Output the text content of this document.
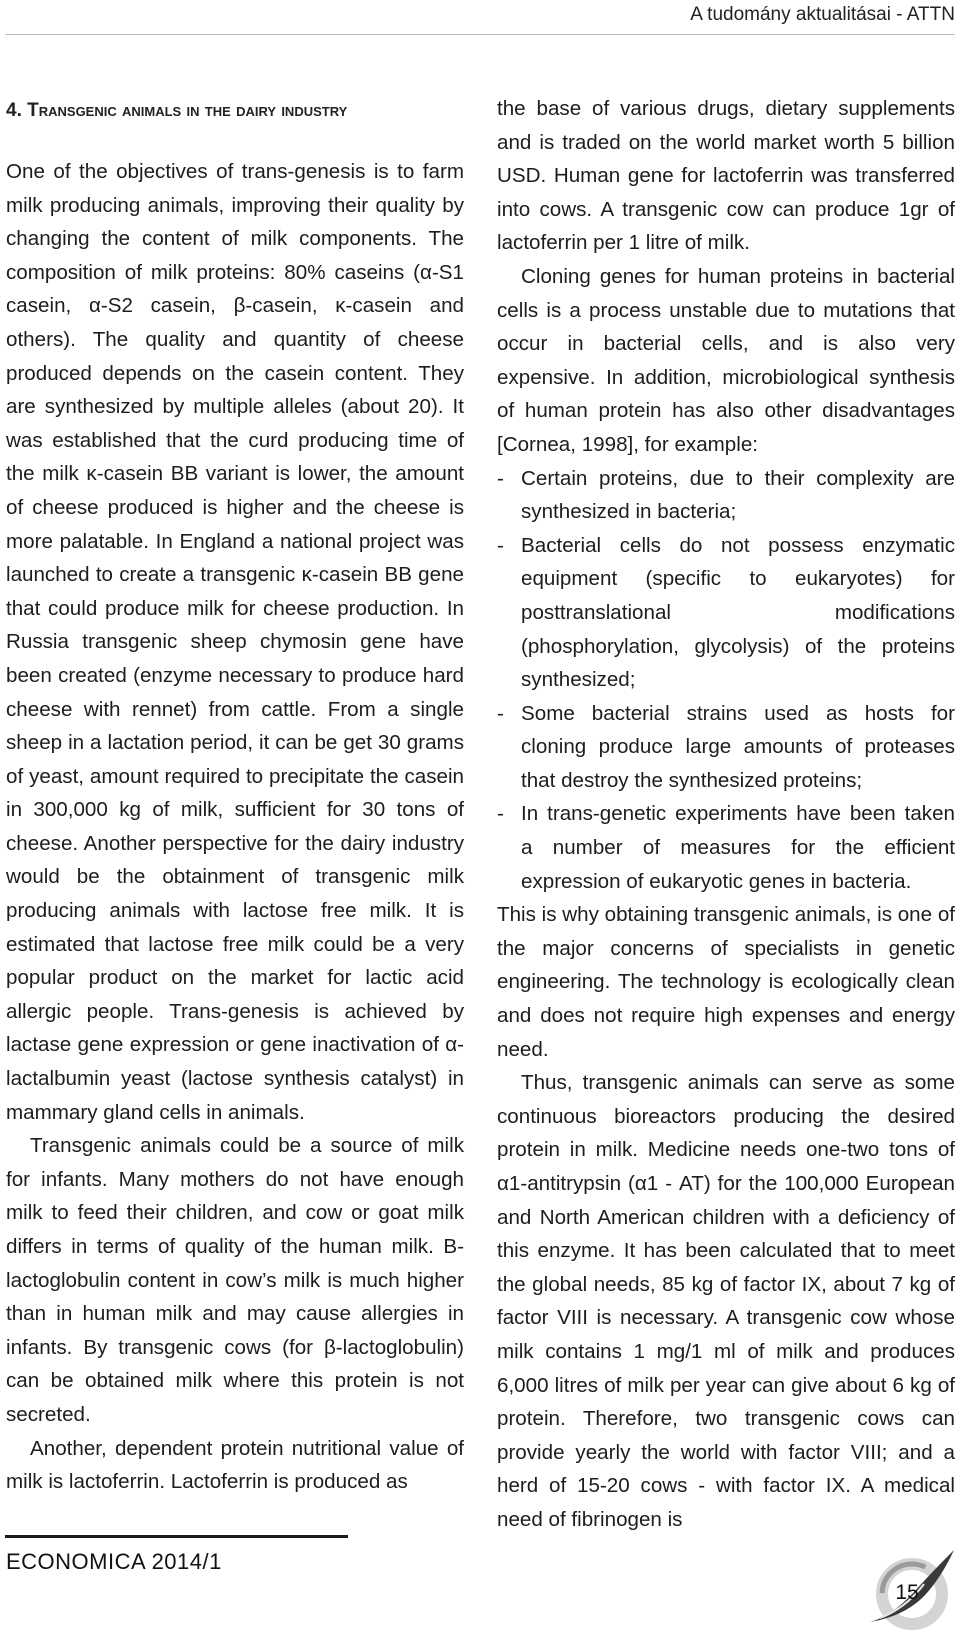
A tudomány aktualitásai - ATTN
4. Transgenic animals in the dairy industry

One of the objectives of trans-genesis is to farm milk producing animals, improving their quality by changing the content of milk components. The composition of milk proteins: 80% caseins (α-S1 casein, α-S2 casein, β-casein, κ-casein and others). The quality and quantity of cheese produced depends on the casein content. They are synthesized by multiple alleles (about 20). It was established that the curd producing time of the milk κ-casein BB variant is lower, the amount of cheese produced is higher and the cheese is more palatable. In England a national project was launched to create a transgenic κ-casein BB gene that could produce milk for cheese production. In Russia transgenic sheep chymosin gene have been created (enzyme necessary to produce hard cheese with rennet) from cattle. From a single sheep in a lactation period, it can be get 30 grams of yeast, amount required to precipitate the casein in 300,000 kg of milk, sufficient for 30 tons of cheese. Another perspective for the dairy industry would be the obtainment of transgenic milk producing animals with lactose free milk. It is estimated that lactose free milk could be a very popular product on the market for lactic acid allergic people. Trans-genesis is achieved by lactase gene expression or gene inactivation of α-lactalbumin yeast (lactose synthesis catalyst) in mammary gland cells in animals.

Transgenic animals could be a source of milk for infants. Many mothers do not have enough milk to feed their children, and cow or goat milk differs in terms of quality of the human milk. Β-lactoglobulin content in cow’s milk is much higher than in human milk and may cause allergies in infants. By transgenic cows (for β-lactoglobulin) can be obtained milk where this protein is not secreted.

Another, dependent protein nutritional value of milk is lactoferrin. Lactoferrin is produced as

the base of various drugs, dietary supplements and is traded on the world market worth 5 billion USD. Human gene for lactoferrin was transferred into cows. A transgenic cow can produce 1gr of lactoferrin per 1 litre of milk.

Cloning genes for human proteins in bacterial cells is a process unstable due to mutations that occur in bacterial cells, and is also very expensive. In addition, microbiological synthesis of human protein has also other disadvantages [Cornea, 1998], for example:

- Certain proteins, due to their complexity are synthesized in bacteria;
- Bacterial cells do not possess enzymatic equipment (specific to eukaryotes) for posttranslational modifications (phosphorylation, glycolysis) of the proteins synthesized;
- Some bacterial strains used as hosts for cloning produce large amounts of proteases that destroy the synthesized proteins;
- In trans-genetic experiments have been taken a number of measures for the efficient expression of eukaryotic genes in bacteria.

This is why obtaining transgenic animals, is one of the major concerns of specialists in genetic engineering. The technology is ecologically clean and does not require high expenses and energy need.

Thus, transgenic animals can serve as some continuous bioreactors producing the desired protein in milk. Medicine needs one-two tons of α1-antitrypsin (α1 - AT) for the 100,000 European and North American children with a deficiency of this enzyme. It has been calculated that to meet the global needs, 85 kg of factor IX, about 7 kg of factor VIII is necessary. A transgenic cow whose milk contains 1 mg/1 ml of milk and produces 6,000 litres of milk per year can give about 6 kg of protein. Therefore, two transgenic cows can provide yearly the world with factor VIII; and a herd of 15-20 cows - with factor IX. A medical need of fibrinogen is

ECONOMICA 2014/1
15
